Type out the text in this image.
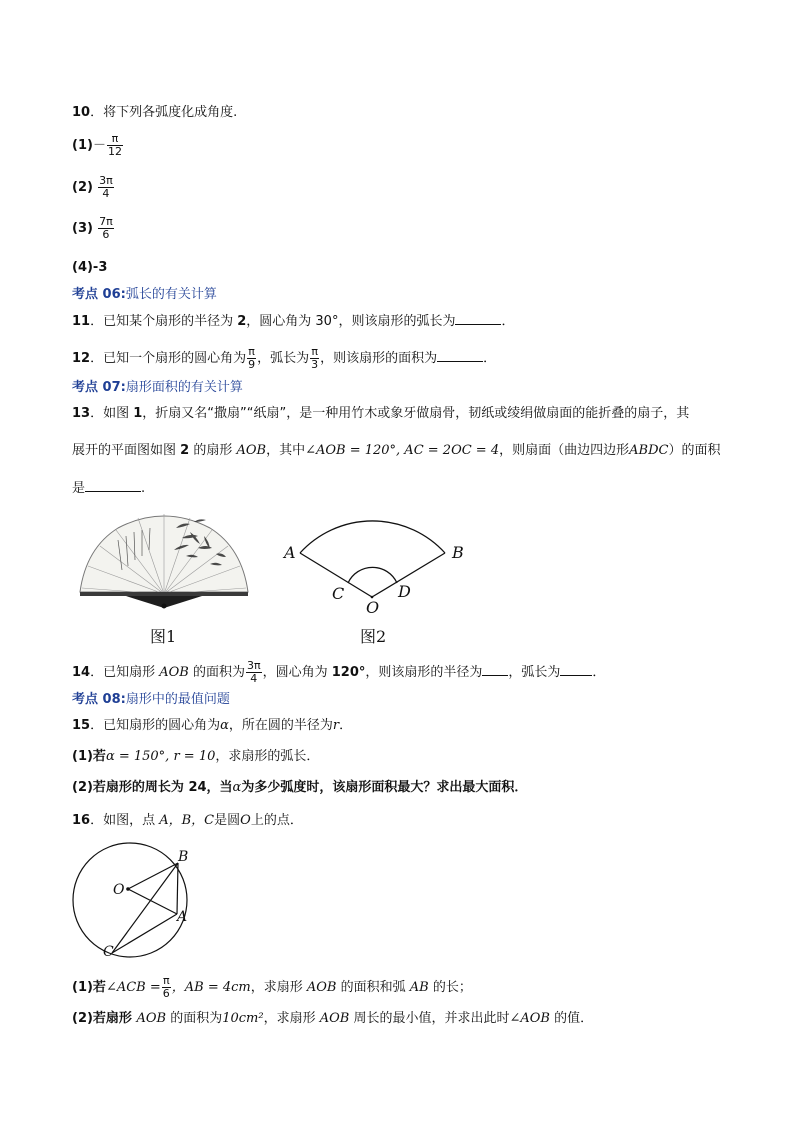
10．将下列各弧度化成角度.
$(1)- \frac{\pi}{12}$
$(2) \frac{3\pi}{4}$
$(3) \frac{7\pi}{6}$
(4)-3
考点 06:弧长的有关计算
11．已知某个扇形的半径为 2，圆心角为 30°，则该扇形的弧长为	．
12．已知一个扇形的圆心角为 $\frac{\pi}{9}$ ，弧长为 $\frac{\pi}{3}$ ，则该扇形的面积为	．
考点 07:扇形面积的有关计算
13．如图 1，折扇又名“撒扇”“纸扇”，是一种用竹木或象牙做扇骨，韧纸或绫绢做扇面的能折叠的扇子，其
展开的平面图如图 2 的扇形 AOB，其中∠AOB = 120°, AC = 2OC = 4，则扇面（曲边四边形ABDC）的面积
是	.
图1
A	B
C	D
O
图2
14．已知扇形 AOB 的面积为 $\frac{3\pi}{4}$ ，圆心角为 120°，则该扇形的半径为 ，弧长为 ．
考点 08:扇形中的最值问题
15．已知扇形的圆心角为α，所在圆的半径为r．
(1)若α = 150°, r = 10，求扇形的弧长．
(2)若扇形的周长为 24，当α为多少弧度时，该扇形面积最大？求出最大面积．
16．如图，点 A，B，C是圆O上的点．
B
O
A
C
(1)若∠ACB = $\frac{\pi}{6}$ ，AB = 4cm，求扇形 AOB 的面积和弧 AB 的长；
(2)若扇形 AOB 的面积为10cm²，求扇形 AOB 周长的最小值，并求出此时∠AOB 的值．
